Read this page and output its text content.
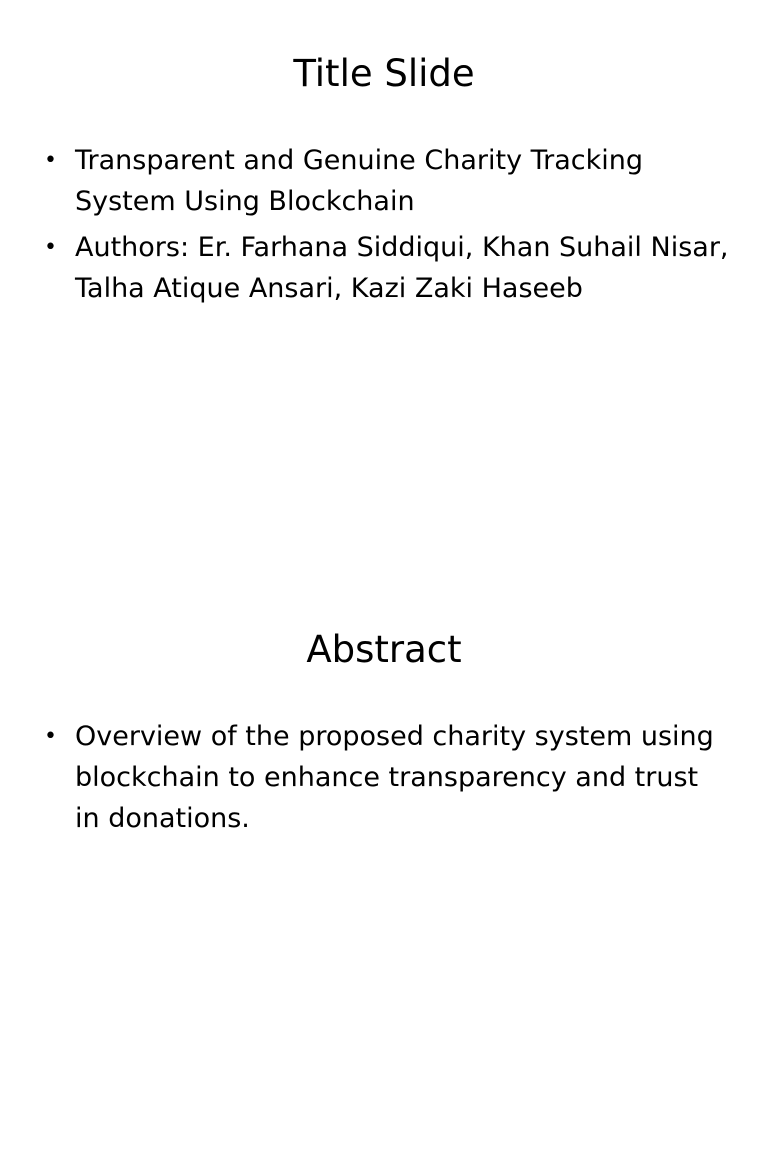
Title Slide
• Transparent and Genuine Charity Tracking System Using Blockchain
• Authors: Er. Farhana Siddiqui, Khan Suhail Nisar, Talha Atique Ansari, Kazi Zaki Haseeb
Abstract
• Overview of the proposed charity system using blockchain to enhance transparency and trust in donations.
